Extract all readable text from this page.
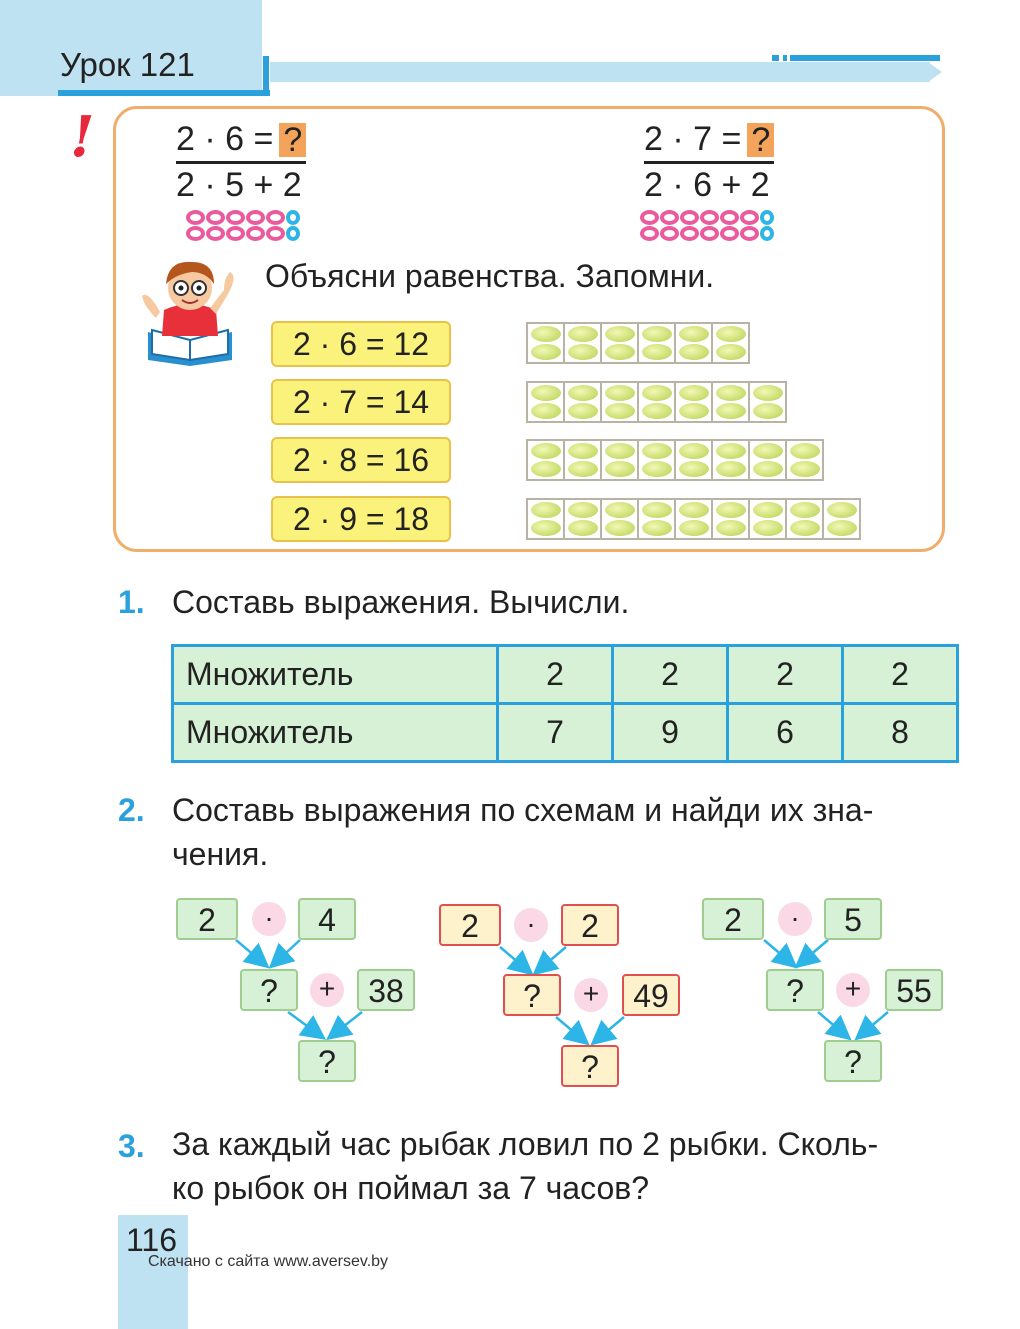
Урок 121
! $\frac{2 \cdot 6 = ?}{2 \cdot 5 + 2}$	$\frac{2 \cdot 7 = ?}{2 \cdot 6 + 2}$
Объясни равенства. Запомни.
2 · 6 = 12
2 · 7 = 14
2 · 8 = 16
2 · 9 = 18
1. Составь выражения. Вычисли.
Множитель	2	2	2	2
Множитель	7	9	6	8
2. Составь выражения по схемам и найди их зна-
чения.
2	·	4
?	+	38
?
2	·	2
?	+	49
?
2	·	5
?	+	55
?
3. За каждый час рыбак ловил по 2 рыбки. Сколь-
ко рыбок он поймал за 7 часов?
116
Скачано с сайта www.aversev.by
